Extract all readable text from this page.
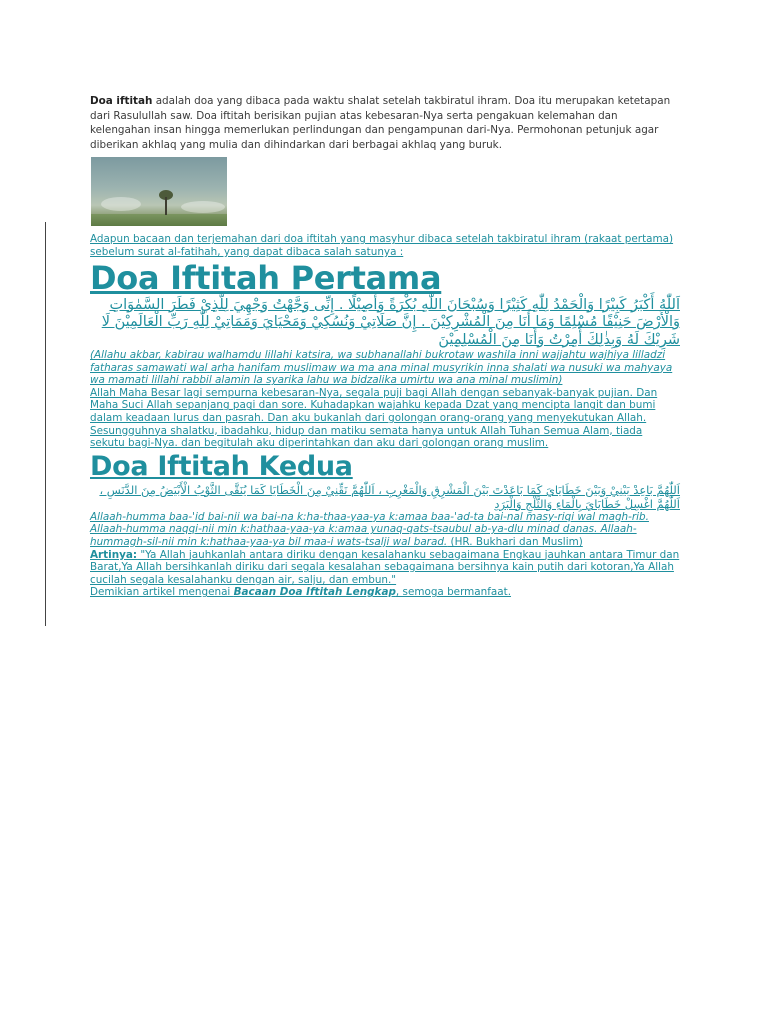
Doa iftitah adalah doa yang dibaca pada waktu shalat setelah takbiratul ihram. Doa itu merupakan ketetapan dari Rasulullah saw. Doa iftitah berisikan pujian atas kebesaran-Nya serta pengakuan kelemahan dan kelengahan insan hingga memerlukan perlindungan dan pengampunan dari-Nya. Permohonan petunjuk agar diberikan akhlaq yang mulia dan dihindarkan dari berbagai akhlaq yang buruk.

Adapun bacaan dan terjemahan dari doa iftitah yang masyhur dibaca setelah takbiratul ihram (rakaat pertama) sebelum surat al-fatihah, yang dapat dibaca salah satunya :

Doa Iftitah Pertama

اَللّٰهُ أَكْبَرُ كَبِيْرًا وَالْحَمْدُ لِلّٰهِ كَثِيْرًا وَسُبْحَانَ اللّٰهِ بُكْرَةً وَأَصِيْلًا . إِنِّى وَجَّهْتُ وَجْهِيَ لِلَّذِيْ فَطَرَ السَّمٰوَاتِ وَالْأَرْضَ حَنِيْفًا مُسْلِمًا وَمَا أَنَا مِنَ الْمُشْرِكِيْنَ . إِنَّ صَلَاتِيْ وَنُسُكِيْ وَمَحْيَايَ وَمَمَاتِيْ لِلّٰهِ رَبِّ الْعَالَمِيْنَ لَا شَرِيْكَ لَهُ وَبِذٰلِكَ أُمِرْتُ وَأَنَا مِنَ الْمُسْلِمِيْنَ

(Allahu akbar, kabirau walhamdu lillahi katsira, wa subhanallahi bukrotaw washila inni wajjahtu wajhiya lilladzi fatharas samawati wal arha hanifam muslimaw wa ma ana minal musyrikin inna shalati wa nusuki wa mahyaya wa mamati lillahi rabbil alamin la syarika lahu wa bidzalika umirtu wa ana minal muslimin)

Allah Maha Besar lagi sempurna kebesaran-Nya, segala puji bagi Allah dengan sebanyak-banyak pujian. Dan Maha Suci Allah sepanjang pagi dan sore. Kuhadapkan wajahku kepada Dzat yang mencipta langit dan bumi dalam keadaan lurus dan pasrah. Dan aku bukanlah dari golongan orang-orang yang menyekutukan Allah. Sesungguhnya shalatku, ibadahku, hidup dan matiku semata hanya untuk Allah Tuhan Semua Alam, tiada sekutu bagi-Nya. dan begitulah aku diperintahkan dan aku dari golongan orang muslim.

Doa Iftitah Kedua

اَللّٰهُمَّ بَاعِدْ بَيْنِيْ وَبَيْنَ خَطَايَايَ كَمَا بَاعَدْتَ بَيْنَ الْمَشْرِقِ وَالْمَغْرِبِ ، اَللّٰهُمَّ نَقِّنِيْ مِنَ الْخَطَايَا كَمَا يُنَقَّى الثَّوْبُ الْأَبْيَضُ مِنَ الدَّنَسِ ، اَللّٰهُمَّ اغْسِلْ خَطَايَايَ بِالْمَاءِ وَالثَّلْجِ وَالْبَرَدِ

Allaah-humma baa-'id bai-nii wa bai-na k:ha-thaa-yaa-ya k:amaa baa-'ad-ta bai-nal masy-riqi wal magh-rib. Allaah-humma naqqi-nii min k:hathaa-yaa-ya k:amaa yunaq-qats-tsaubul ab-ya-dlu minad danas. Allaah-hummagh-sil-nii min k:hathaa-yaa-ya bil maa-i wats-tsalji wal barad. (HR. Bukhari dan Muslim)

Artinya: "Ya Allah jauhkanlah antara diriku dengan kesalahanku sebagaimana Engkau jauhkan antara Timur dan Barat,Ya Allah bersihkanlah diriku dari segala kesalahan sebagaimana bersihnya kain putih dari kotoran,Ya Allah cucilah segala kesalahanku dengan air, salju, dan embun."

Demikian artikel mengenai Bacaan Doa Iftitah Lengkap, semoga bermanfaat.
